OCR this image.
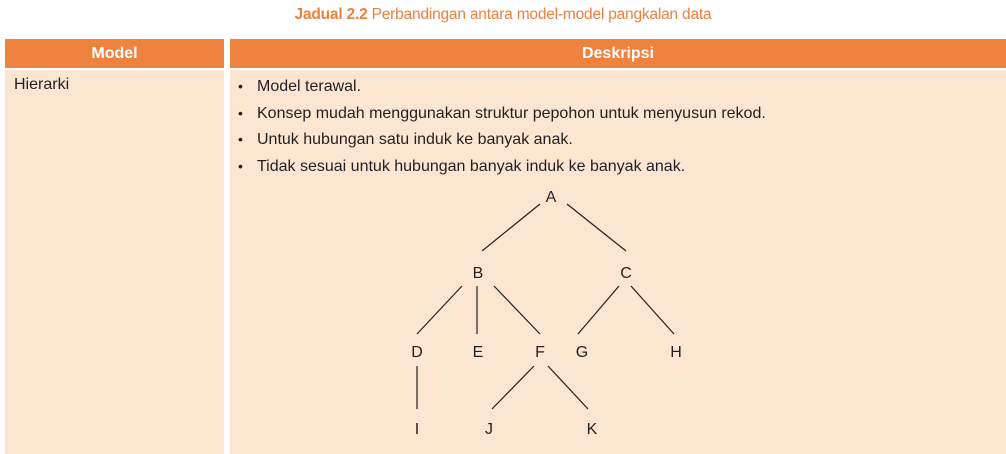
Jadual 2.2 Perbandingan antara model-model pangkalan data
Model	Deskripsi
Hierarki	• Model terawal.
• Konsep mudah menggunakan struktur pepohon untuk menyusun rekod.
• Untuk hubungan satu induk ke banyak anak.
• Tidak sesuai untuk hubungan banyak induk ke banyak anak.
A
B	C
D	E	F G	H
I	J	K
